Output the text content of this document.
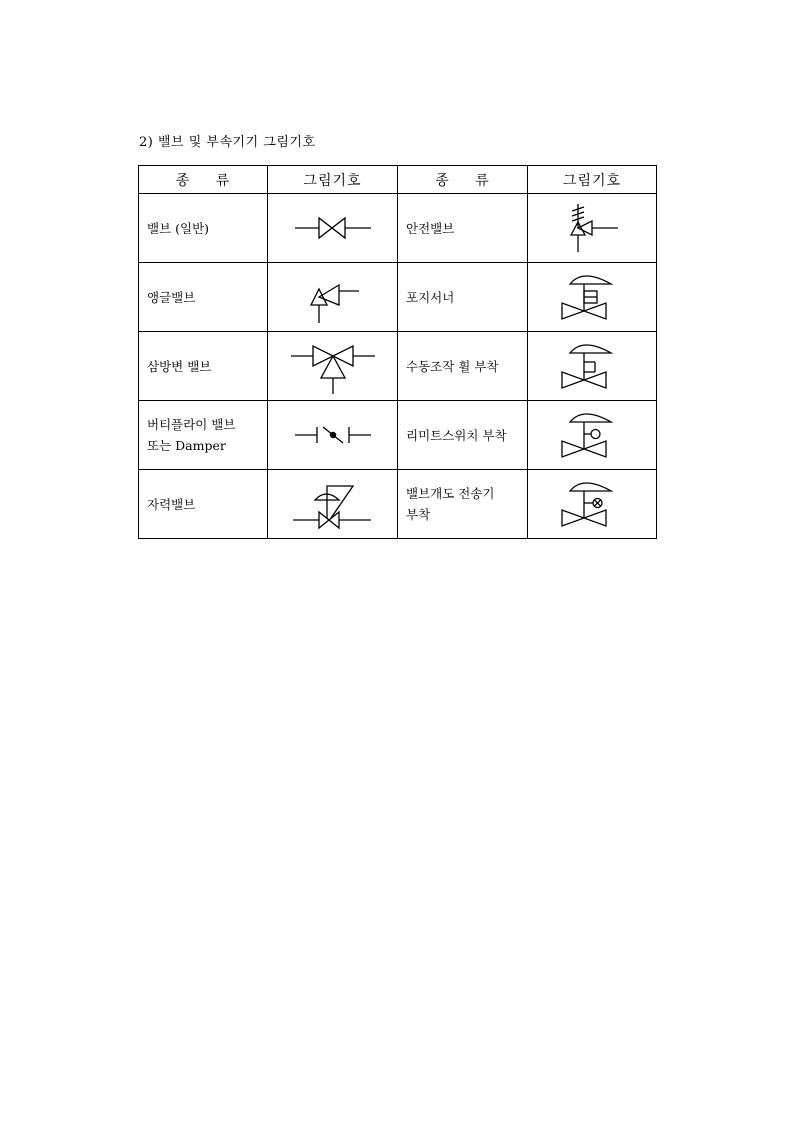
2) 밸브 및 부속기기 그림기호
종 류	그림기호	종 류	그림기호

밸브 (일반)		안전밸브

앵글밸브		포지서너

삼방변 밸브		수동조작 휠 부착

버티플라이 밸브
또는 Damper		리미트스위치 부착

자력밸브		밸브개도 전송기
부착
